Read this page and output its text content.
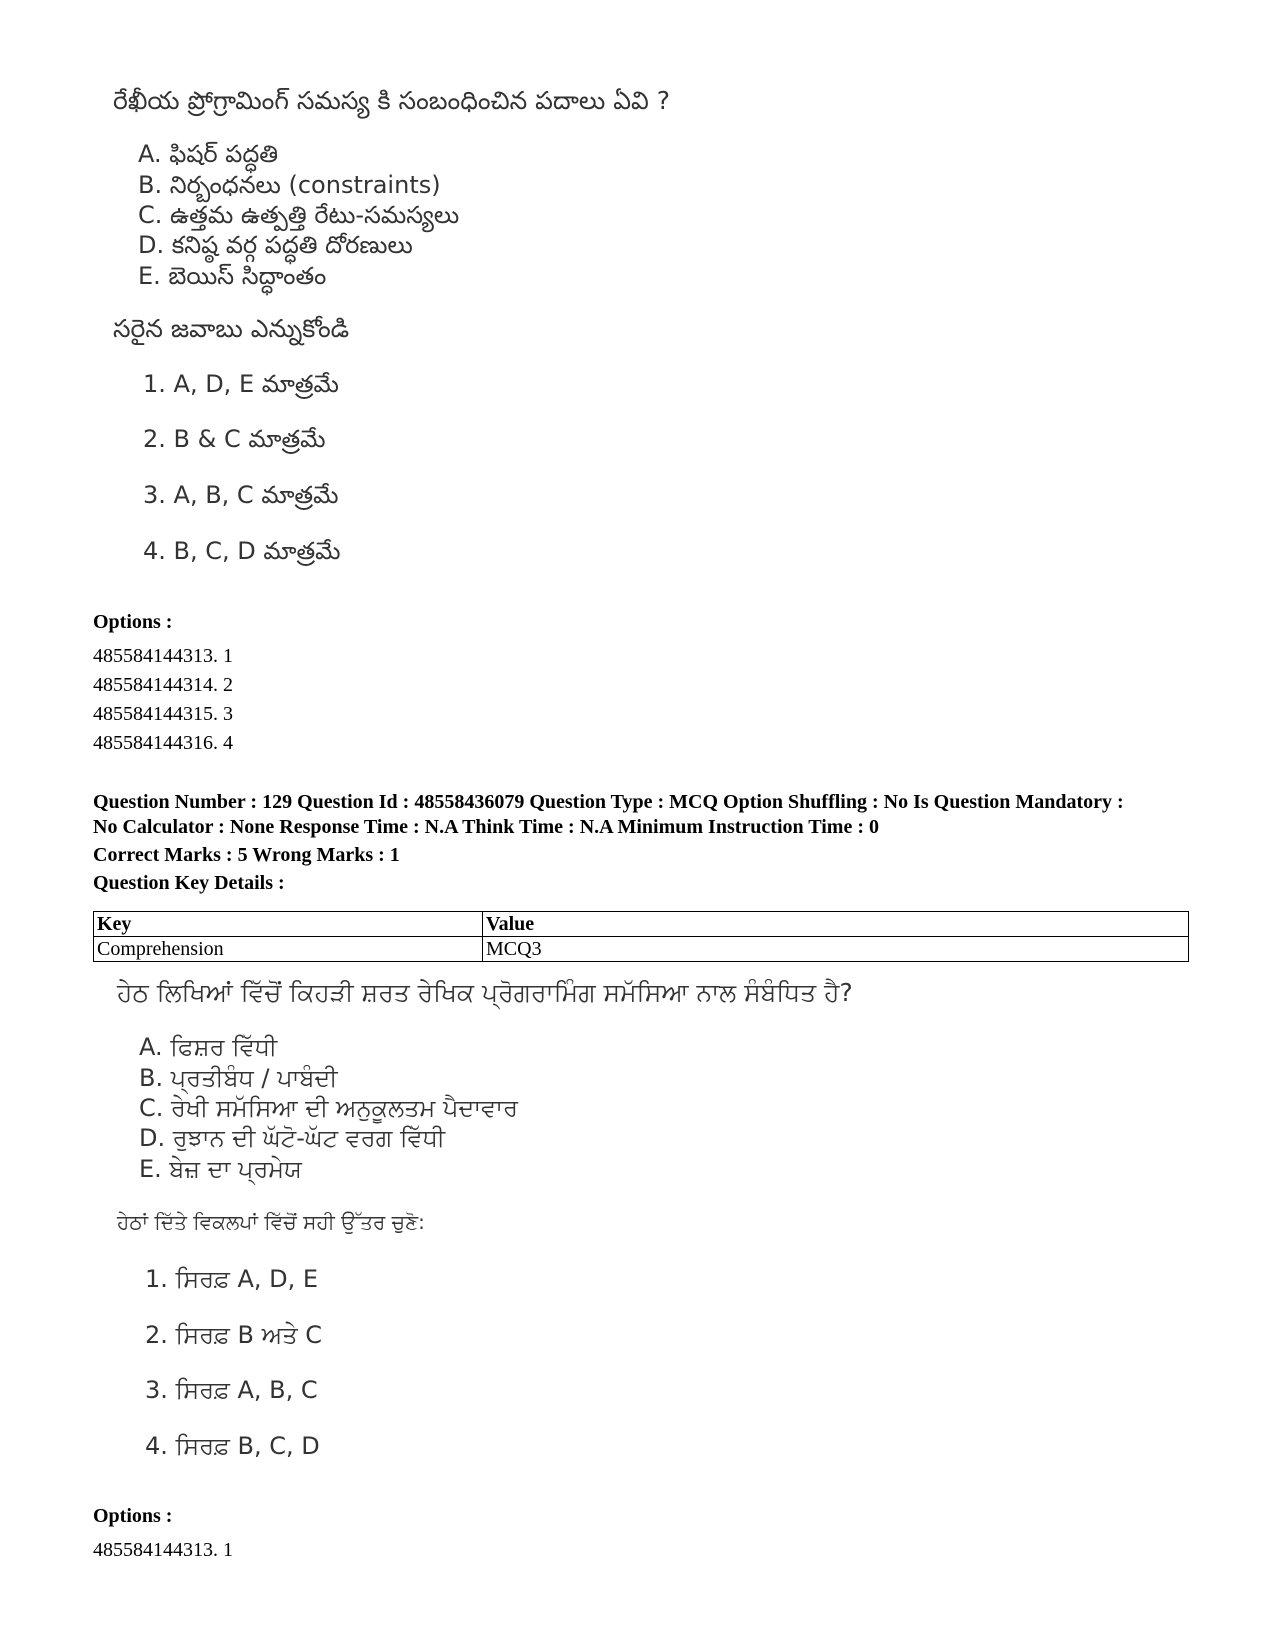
రేఖీయ ప్రోగ్రామింగ్ సమస్య కి సంబంధించిన పదాలు ఏవి ?
A. ఫిషర్ పద్ధతి
B. నిర్బంధనలు (constraints)
C. ఉత్తమ ఉత్పత్తి రేటు-సమస్యలు
D. కనిష్ఠ వర్గ పద్ధతి దోరణులు
E. బెయిస్ సిద్ధాంతం
సరైన జవాబు ఎన్నుకోండి
1. A, D, E మాత్రమే
2. B & C మాత్రమే
3. A, B, C మాత్రమే
4. B, C, D మాత్రమే
Options :
485584144313. 1
485584144314. 2
485584144315. 3
485584144316. 4
Question Number : 129 Question Id : 48558436079 Question Type : MCQ Option Shuffling : No Is Question Mandatory :
No Calculator : None Response Time : N.A Think Time : N.A Minimum Instruction Time : 0
Correct Marks : 5 Wrong Marks : 1
Question Key Details :
Key	Value
Comprehension	MCQ3
ਹੇਠ ਲਿਖਿਆਂ ਵਿੱਚੋਂ ਕਿਹੜੀ ਸ਼ਰਤ ਰੇਖਿਕ ਪ੍ਰੋਗਰਾਮਿੰਗ ਸਮੱਸਿਆ ਨਾਲ ਸੰਬੰਧਿਤ ਹੈ?
A. ਫਿਸ਼ਰ ਵਿੱਧੀ
B. ਪ੍ਰਤੀਬੰਧ / ਪਾਬੰਦੀ
C. ਰੇਖੀ ਸਮੱਸਿਆ ਦੀ ਅਨੁਕੂਲਤਮ ਪੈਦਾਵਾਰ
D. ਰੁਝਾਨ ਦੀ ਘੱਟੋ-ਘੱਟ ਵਰਗ ਵਿੱਧੀ
E. ਬੇਜ਼ ਦਾ ਪ੍ਰਮੇਯ
ਹੇਠਾਂ ਦਿੱਤੇ ਵਿਕਲਪਾਂ ਵਿੱਚੋਂ ਸਹੀ ਉੱਤਰ ਚੁਣੋ:
1. ਸਿਰਫ਼ A, D, E
2. ਸਿਰਫ਼ B ਅਤੇ C
3. ਸਿਰਫ਼ A, B, C
4. ਸਿਰਫ਼ B, C, D
Options :
485584144313. 1
